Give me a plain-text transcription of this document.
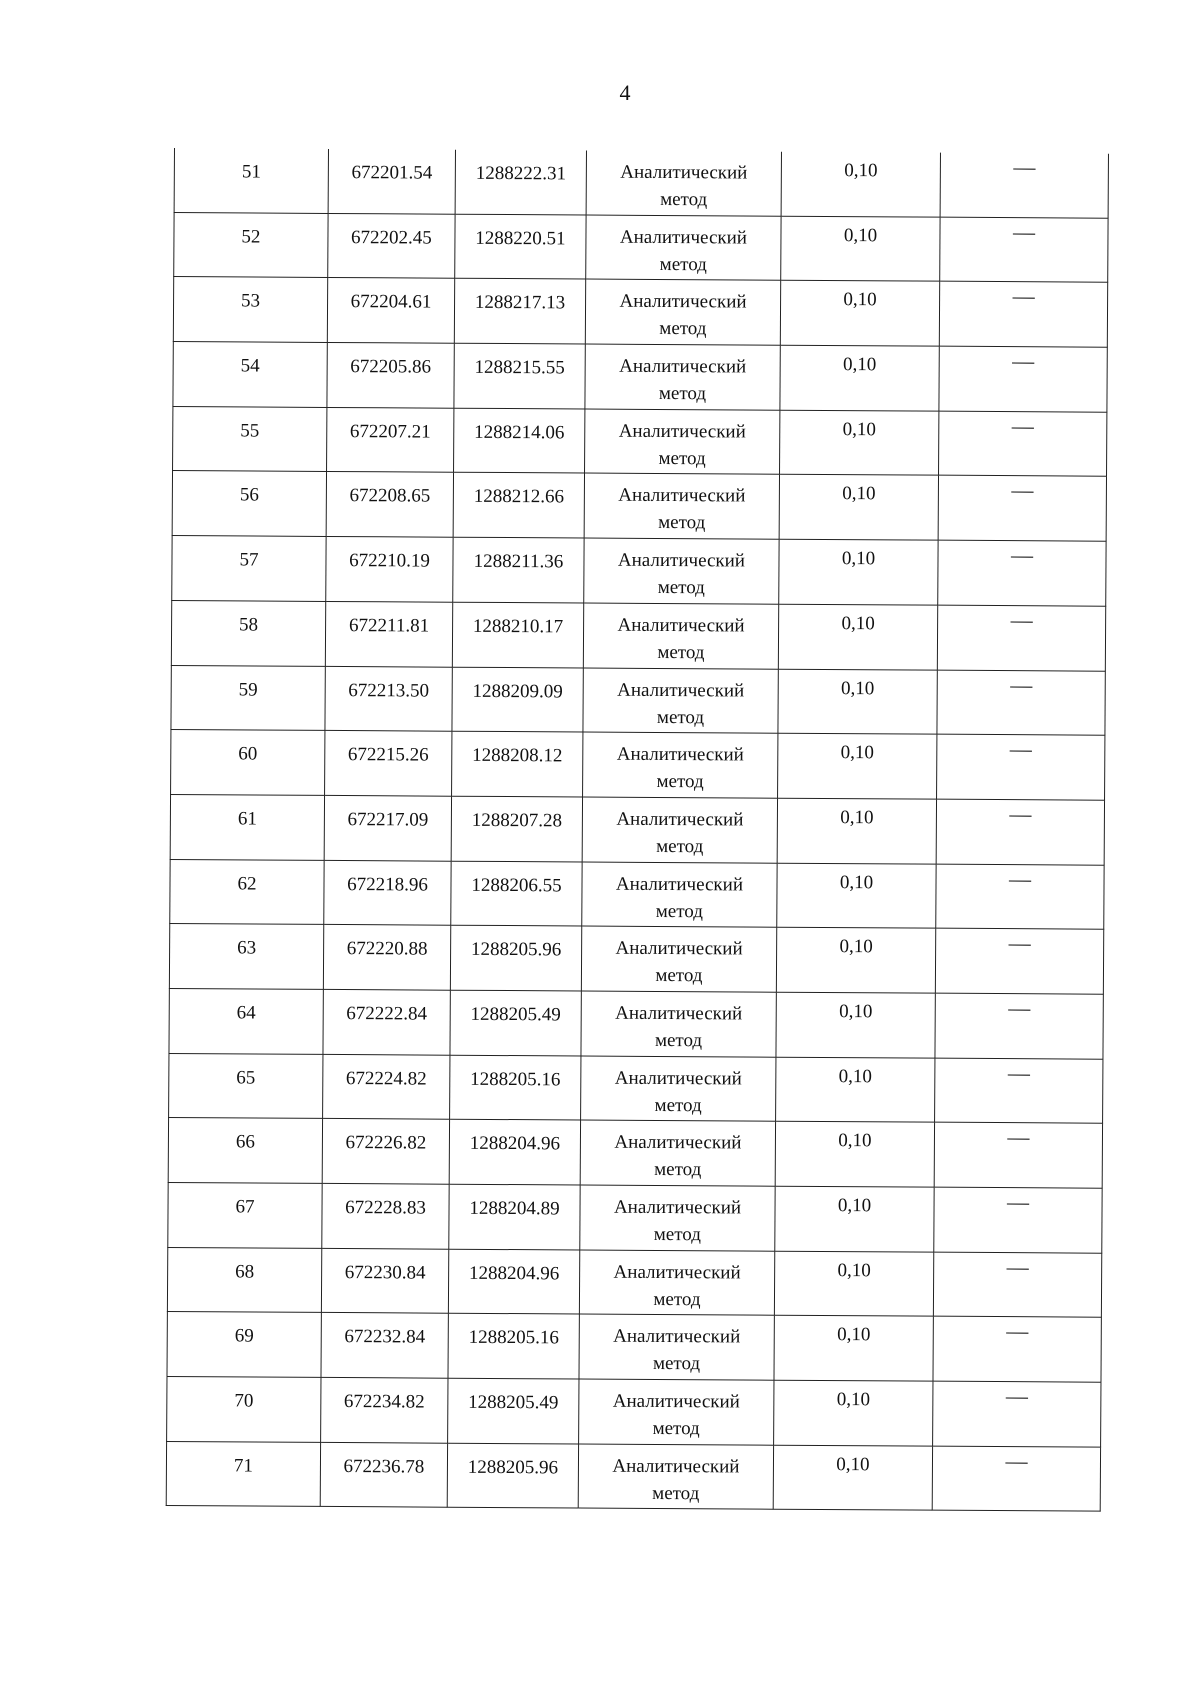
4
51	672201.54	1288222.31	Аналитический
метод	0,10	—

52	672202.45	1288220.51	Аналитический
метод	0,10	—

53	672204.61	1288217.13	Аналитический
метод	0,10	—

54	672205.86	1288215.55	Аналитический
метод	0,10	—

55	672207.21	1288214.06	Аналитический
метод	0,10	—

56	672208.65	1288212.66	Аналитический
метод	0,10	—

57	672210.19	1288211.36	Аналитический
метод	0,10	—

58	672211.81	1288210.17	Аналитический
метод	0,10	—

59	672213.50	1288209.09	Аналитический
метод	0,10	—

60	672215.26	1288208.12	Аналитический
метод	0,10	—

61	672217.09	1288207.28	Аналитический
метод	0,10	—

62	672218.96	1288206.55	Аналитический
метод	0,10	—

63	672220.88	1288205.96	Аналитический
метод	0,10	—

64	672222.84	1288205.49	Аналитический
метод	0,10	—

65	672224.82	1288205.16	Аналитический
метод	0,10	—

66	672226.82	1288204.96	Аналитический
метод	0,10	—

67	672228.83	1288204.89	Аналитический
метод	0,10	—

68	672230.84	1288204.96	Аналитический
метод	0,10	—

69	672232.84	1288205.16	Аналитический
метод	0,10	—

70	672234.82	1288205.49	Аналитический
метод	0,10	—

71	672236.78	1288205.96	Аналитический
метод	0,10	—
